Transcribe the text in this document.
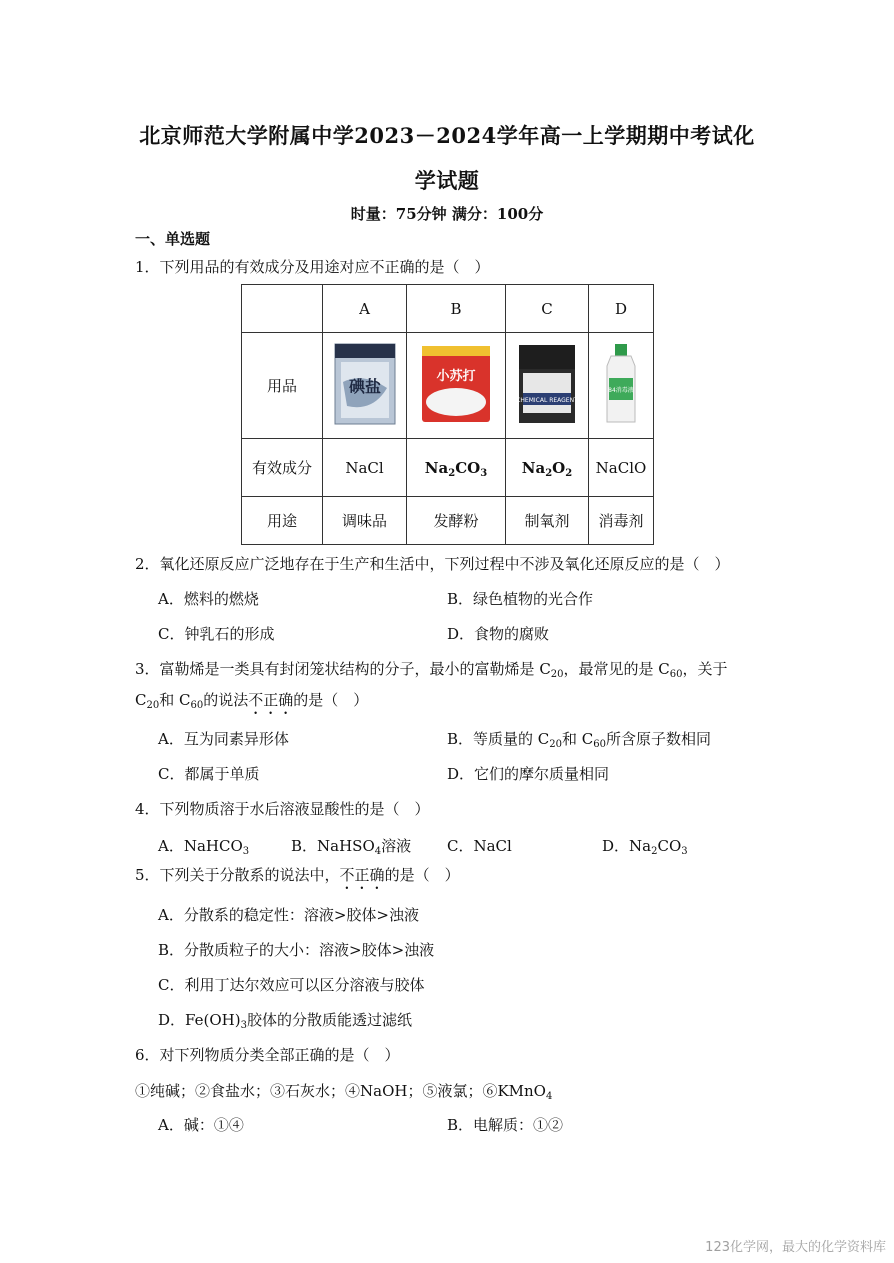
北京师范大学附属中学2023－2024学年高一上学期期中考试化
学试题
时量：75分钟 满分：100分
一、单选题
1．下列用品的有效成分及用途对应不正确的是（　）
	A	B	C	D
用品	碘盐	小苏打	CHEMICAL REAGENT	84消毒液

有效成分	NaCl	$Na_2CO_3$	$Na_2O_2$	NaClO
用途	调味品	发酵粉	制氧剂	消毒剂
2．氧化还原反应广泛地存在于生产和生活中，下列过程中不涉及氧化还原反应的是（　）
A．燃料的燃烧	B．绿色植物的光合作
C．钟乳石的形成	D．食物的腐败
3．富勒烯是一类具有封闭笼状结构的分子，最小的富勒烯是 $C_{20}$，最常见的是 $C_{60}$，关于
$C_{20}$和 $C_{60}$的说法不正确的是（　）
A．互为同素异形体	B．等质量的 $C_{20}$和 $C_{60}$所含原子数相同
C．都属于单质	D．它们的摩尔质量相同
4．下列物质溶于水后溶液显酸性的是（　）
A．NaHCO$_3$	B．NaHSO$_4$溶液 C．NaCl	D．$Na_2CO_3$
5．下列关于分散系的说法中，不正确的是（　）
A．分散系的稳定性：溶液>胶体>浊液
B．分散质粒子的大小：溶液>胶体>浊液
C．利用丁达尔效应可以区分溶液与胶体
D．$Fe(OH)_3$胶体的分散质能透过滤纸
6．对下列物质分类全部正确的是（　）
①纯碱；②食盐水；③石灰水；④NaOH；⑤液氯；⑥KMnO$_4$
A．碱：①④	B．电解质：①②
123化学网，最大的化学资料库
